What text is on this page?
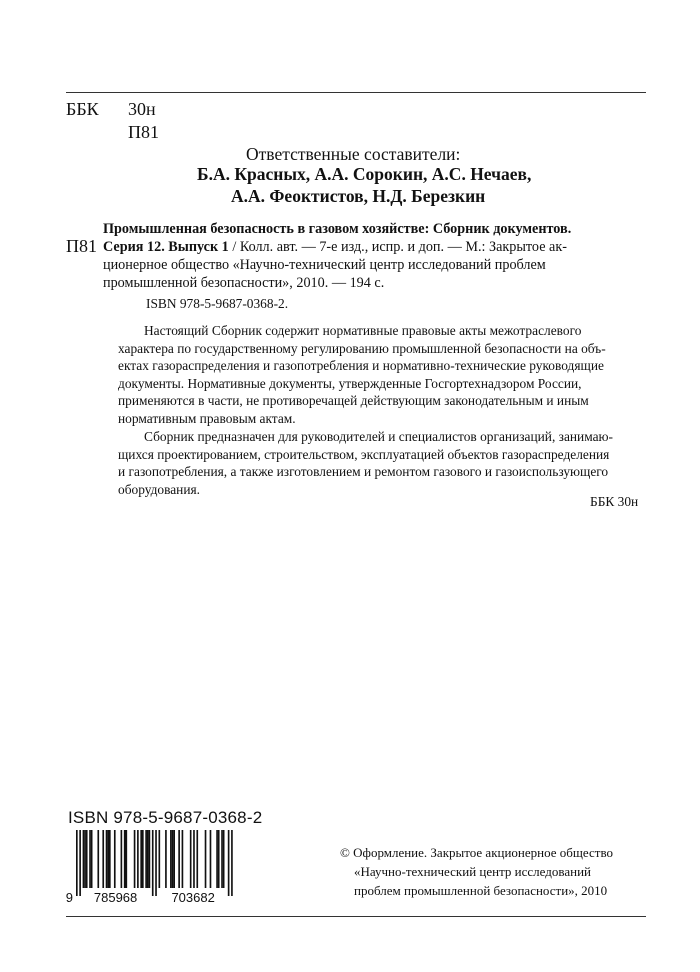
ББК 30н
П81
Ответственные составители:
Б.А. Красных, А.А. Сорокин, А.С. Нечаев,
А.А. Феоктистов, Н.Д. Березкин
П81
Промышленная безопасность в газовом хозяйстве: Сборник документов.
Серия 12. Выпуск 1 / Колл. авт. — 7-е изд., испр. и доп. — М.: Закрытое ак-
ционерное общество «Научно-технический центр исследований проблем
промышленной безопасности», 2010. — 194 с.
ISBN 978-5-9687-0368-2.
Настоящий Сборник содержит нормативные правовые акты межотраслевого
характера по государственному регулированию промышленной безопасности на объ-
ектах газораспределения и газопотребления и нормативно-технические руководящие
документы. Нормативные документы, утвержденные Госгортехнадзором России,
применяются в части, не противоречащей действующим законодательным и иным
нормативным правовым актам.
Сборник предназначен для руководителей и специалистов организаций, занимаю-
щихся проектированием, строительством, эксплуатацией объектов газораспределения
и газопотребления, а также изготовлением и ремонтом газового и газоиспользующего
оборудования.
ББК 30н
ISBN 978-5-9687-0368-2
9 785968	703682
© Оформление. Закрытое акционерное общество
«Научно-технический центр исследований
проблем промышленной безопасности», 2010
